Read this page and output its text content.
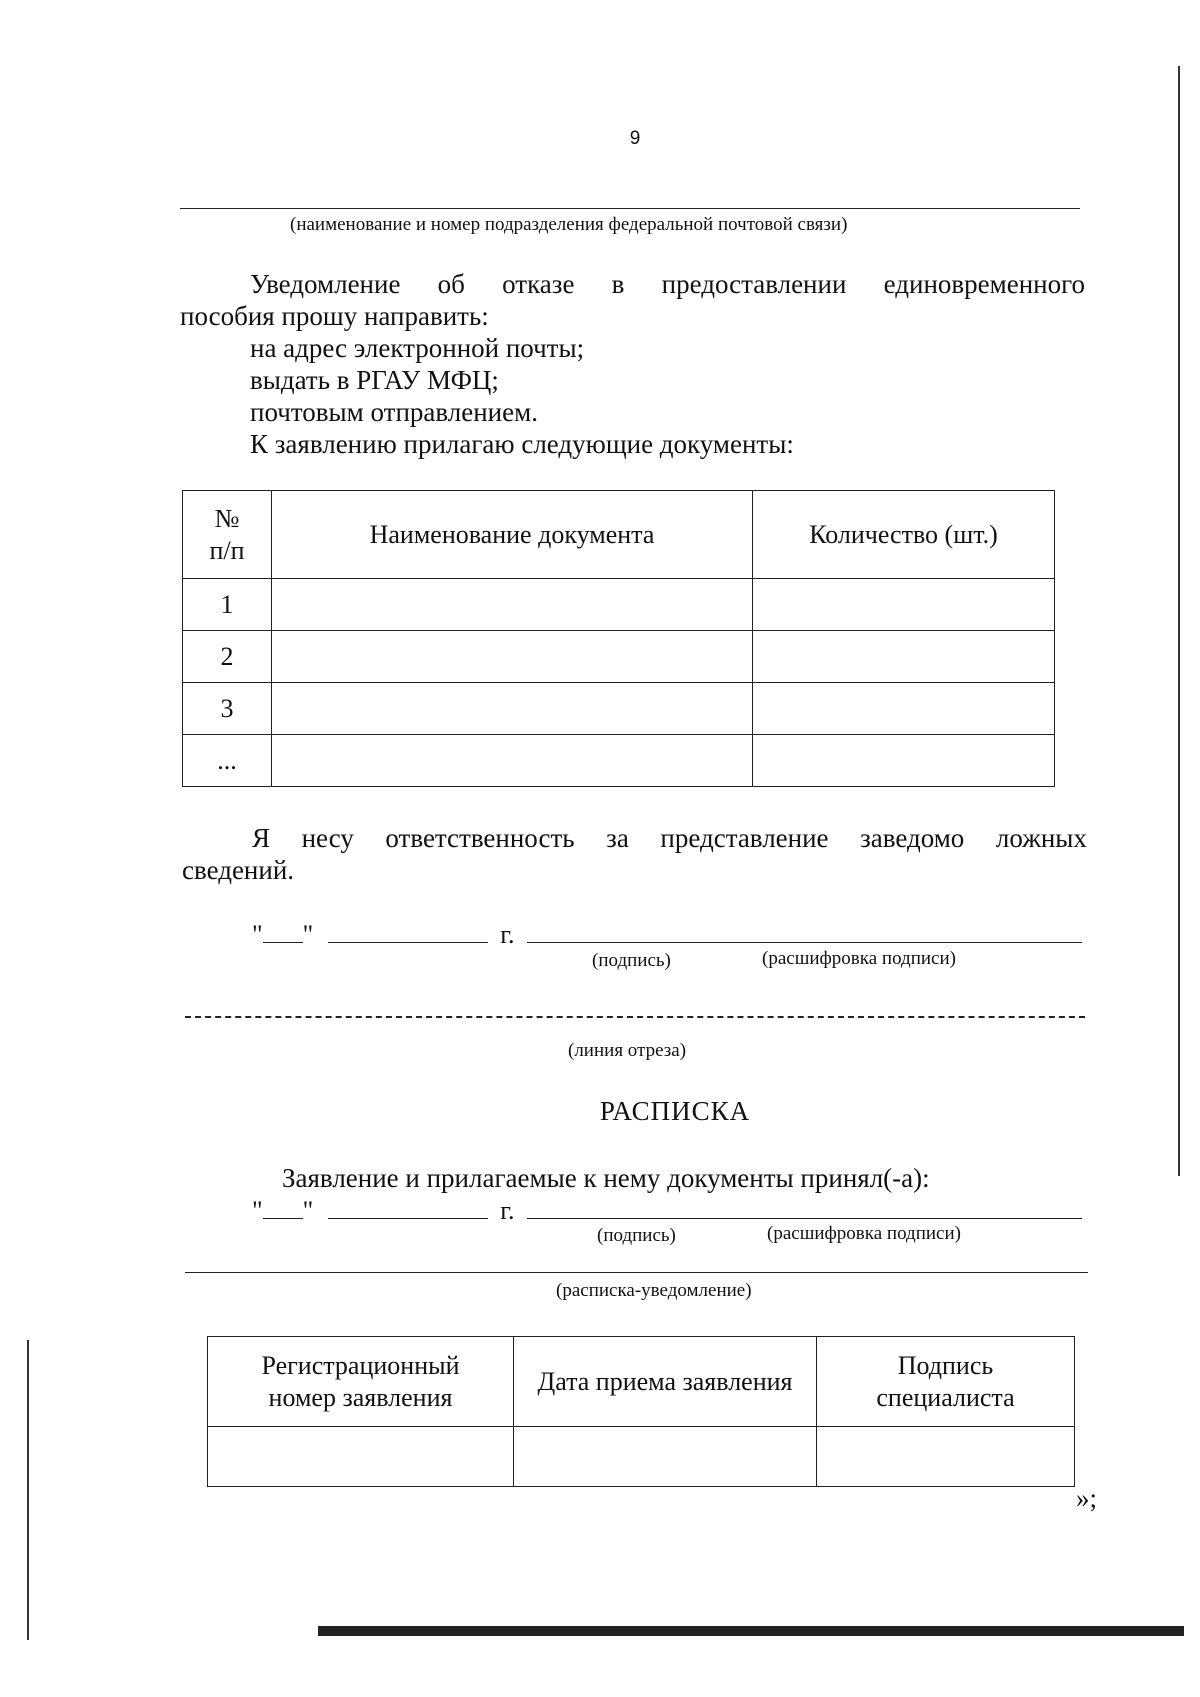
9
(наименование и номер подразделения федеральной почтовой связи)
Уведомление об отказе в предоставлении единовременного
пособия прошу направить:
на адрес электронной почты;
выдать в РГАУ МФЦ;
почтовым отправлением.
К заявлению прилагаю следующие документы:
№ п/п	Наименование документа	Количество (шт.)
1		
2		
3		
...		
Я несу ответственность за представление заведомо ложных
сведений.
" "	г.
(подпись)	(расшифровка подписи)
(линия отреза)
РАСПИСКА
Заявление и прилагаемые к нему документы принял(-а):
" "	г.
(подпись)	(расшифровка подписи)
(расписка-уведомление)
Регистрационный номер заявления	Дата приема заявления	Подпись специалиста

»;
